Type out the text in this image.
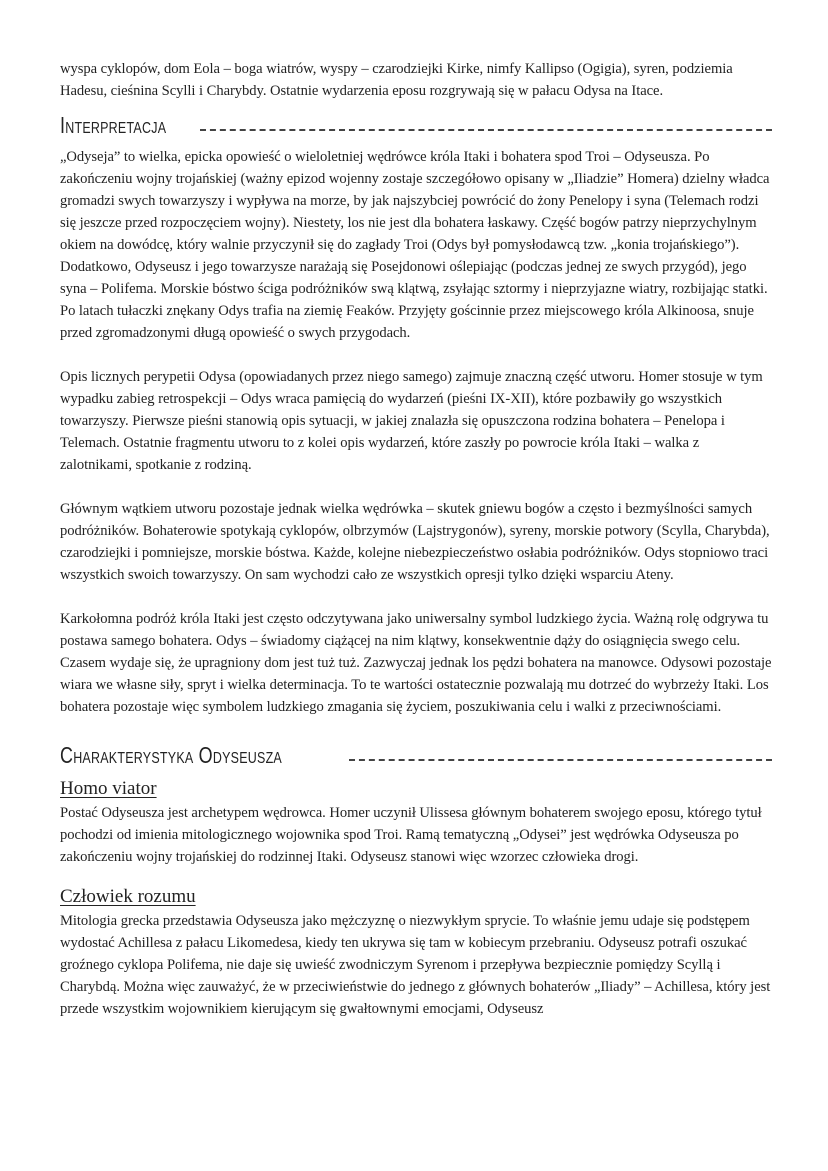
wyspa cyklopów, dom Eola – boga wiatrów, wyspy – czarodziejki Kirke, nimfy Kallipso (Ogigia), syren, podziemia Hadesu, cieśnina Scylli i Charybdy. Ostatnie wydarzenia eposu rozgrywają się w pałacu Odysa na Itace.

Interpretacja

„Odyseja” to wielka, epicka opowieść o wieloletniej wędrówce króla Itaki i bohatera spod Troi – Odyseusza. Po zakończeniu wojny trojańskiej (ważny epizod wojenny zostaje szczegółowo opisany w „Iliadzie” Homera) dzielny władca gromadzi swych towarzyszy i wypływa na morze, by jak najszybciej powrócić do żony Penelopy i syna (Telemach rodzi się jeszcze przed rozpoczęciem wojny). Niestety, los nie jest dla bohatera łaskawy. Część bogów patrzy nieprzychylnym okiem na dowódcę, który walnie przyczynił się do zagłady Troi (Odys był pomysłodawcą tzw. „konia trojańskiego”).

Dodatkowo, Odyseusz i jego towarzysze narażają się Posejdonowi oślepiając (podczas jednej ze swych przygód), jego syna – Polifema. Morskie bóstwo ściga podróżników swą klątwą, zsyłając sztormy i nieprzyjazne wiatry, rozbijając statki. Po latach tułaczki znękany Odys trafia na ziemię Feaków. Przyjęty gościnnie przez miejscowego króla Alkinoosa, snuje przed zgromadzonymi długą opowieść o swych przygodach.

Opis licznych perypetii Odysa (opowiadanych przez niego samego) zajmuje znaczną część utworu. Homer stosuje w tym wypadku zabieg retrospekcji – Odys wraca pamięcią do wydarzeń (pieśni IX-XII), które pozbawiły go wszystkich towarzyszy. Pierwsze pieśni stanowią opis sytuacji, w jakiej znalazła się opuszczona rodzina bohatera – Penelopa i Telemach. Ostatnie fragmentu utworu to z kolei opis wydarzeń, które zaszły po powrocie króla Itaki – walka z zalotnikami, spotkanie z rodziną.

Głównym wątkiem utworu pozostaje jednak wielka wędrówka – skutek gniewu bogów a często i bezmyślności samych podróżników. Bohaterowie spotykają cyklopów, olbrzymów (Lajstrygonów), syreny, morskie potwory (Scylla, Charybda), czarodziejki i pomniejsze, morskie bóstwa. Każde, kolejne niebezpieczeństwo osłabia podróżników. Odys stopniowo traci wszystkich swoich towarzyszy. On sam wychodzi cało ze wszystkich opresji tylko dzięki wsparciu Ateny.

Karkołomna podróż króla Itaki jest często odczytywana jako uniwersalny symbol ludzkiego życia. Ważną rolę odgrywa tu postawa samego bohatera. Odys – świadomy ciążącej na nim klątwy, konsekwentnie dąży do osiągnięcia swego celu. Czasem wydaje się, że upragniony dom jest tuż tuż. Zazwyczaj jednak los pędzi bohatera na manowce. Odysowi pozostaje wiara we własne siły, spryt i wielka determinacja. To te wartości ostatecznie pozwalają mu dotrzeć do wybrzeży Itaki. Los bohatera pozostaje więc symbolem ludzkiego zmagania się życiem, poszukiwania celu i walki z przeciwnościami.

Charakterystyka Odyseusza
Homo viator

Postać Odyseusza jest archetypem wędrowca. Homer uczynił Ulissesa głównym bohaterem swojego eposu, którego tytuł pochodzi od imienia mitologicznego wojownika spod Troi. Ramą tematyczną „Odysei” jest wędrówka Odyseusza po zakończeniu wojny trojańskiej do rodzinnej Itaki. Odyseusz stanowi więc wzorzec człowieka drogi.

Człowiek rozumu

Mitologia grecka przedstawia Odyseusza jako mężczyznę o niezwykłym sprycie. To właśnie jemu udaje się podstępem wydostać Achillesa z pałacu Likomedesa, kiedy ten ukrywa się tam w kobiecym przebraniu. Odyseusz potrafi oszukać groźnego cyklopa Polifema, nie daje się uwieść zwodniczym Syrenom i przepływa bezpiecznie pomiędzy Scyllą i Charybdą. Można więc zauważyć, że w przeciwieństwie do jednego z głównych bohaterów „Iliady” – Achillesa, który jest przede wszystkim wojownikiem kierującym się gwałtownymi emocjami, Odyseusz
